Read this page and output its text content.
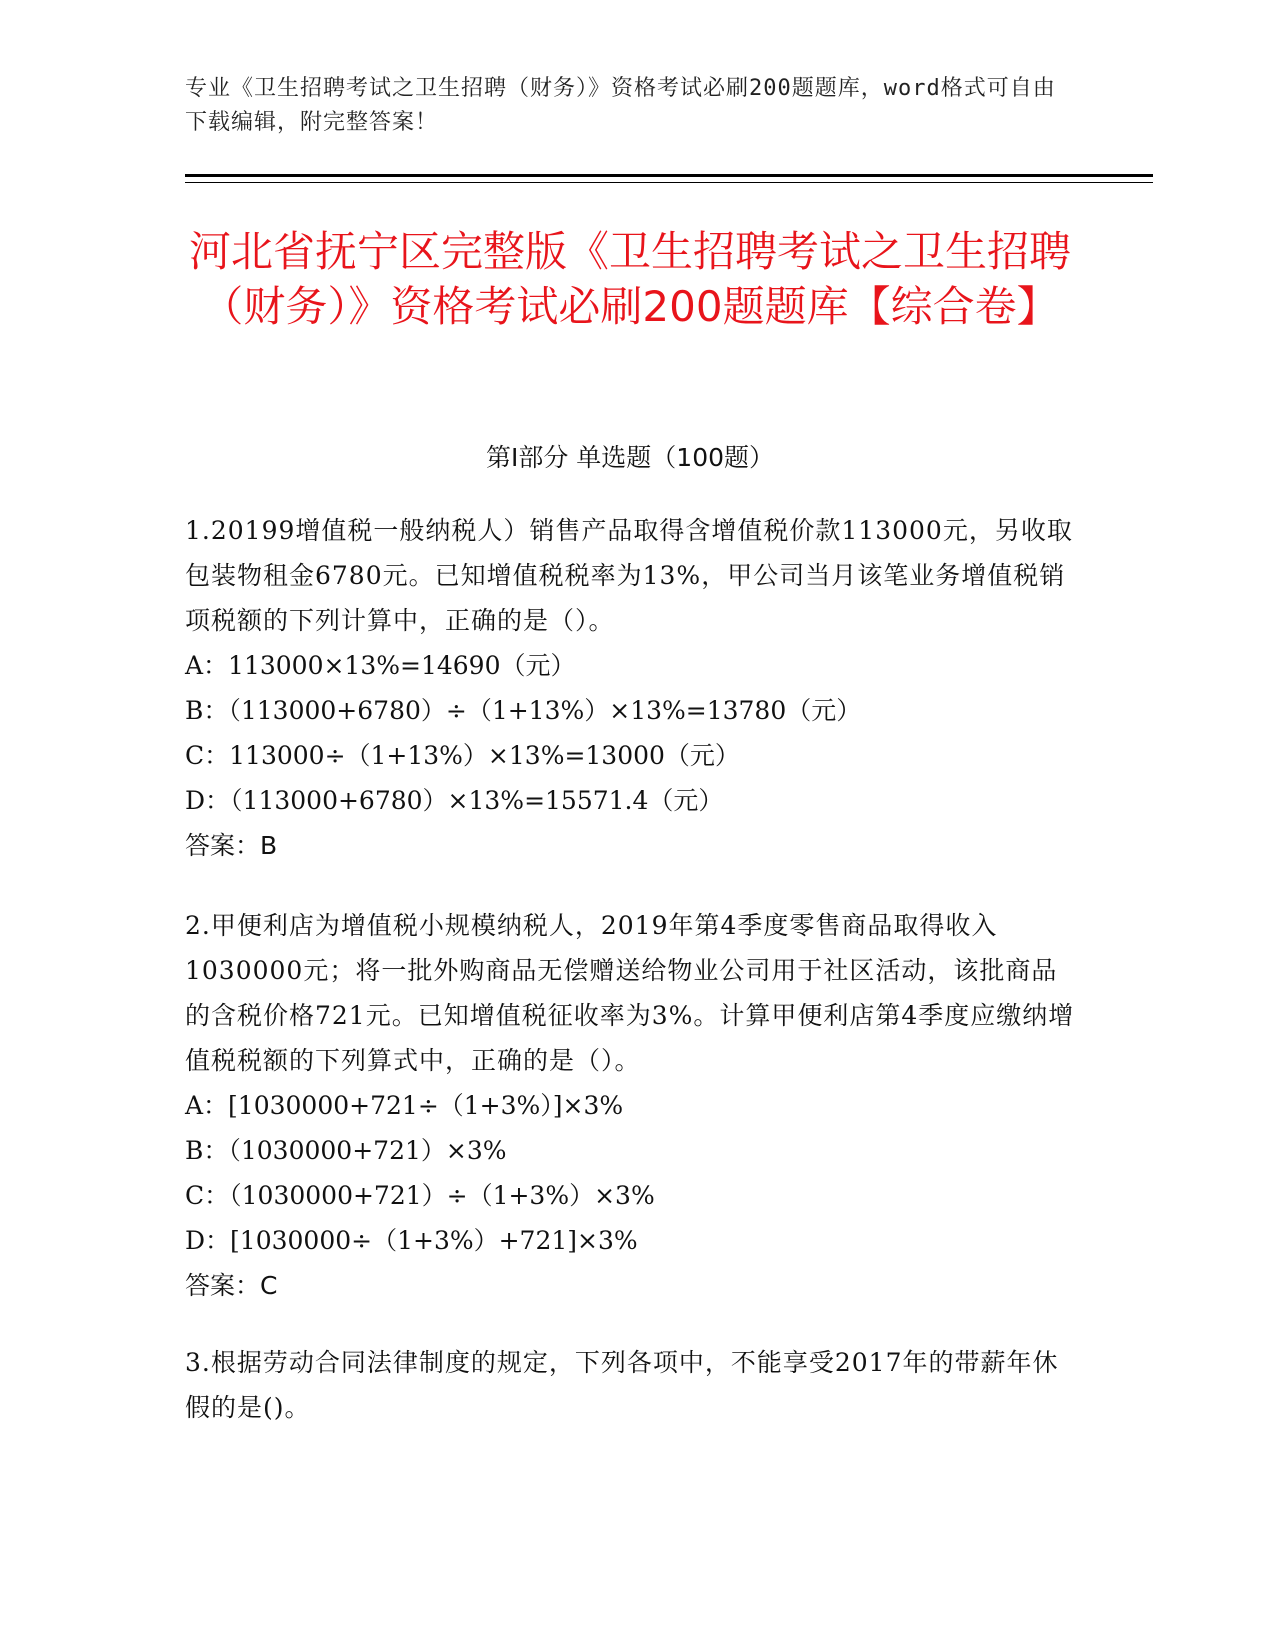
专业《卫生招聘考试之卫生招聘（财务）》资格考试必刷200题题库，word格式可自由下载编辑，附完整答案！
河北省抚宁区完整版《卫生招聘考试之卫生招聘（财务）》资格考试必刷200题题库【综合卷】
第Ⅰ部分 单选题（100题）
1.20199增值税一般纳税人）销售产品取得含增值税价款113000元，另收取包装物租金6780元。已知增值税税率为13%，甲公司当月该笔业务增值税销项税额的下列计算中，正确的是（）。
A：113000×13%=14690（元）
B：（113000+6780）÷（1+13%）×13%=13780（元）
C：113000÷（1+13%）×13%=13000（元）
D：（113000+6780）×13%=15571.4（元）
答案：B
2.甲便利店为增值税小规模纳税人，2019年第4季度零售商品取得收入1030000元；将一批外购商品无偿赠送给物业公司用于社区活动，该批商品的含税价格721元。已知增值税征收率为3%。计算甲便利店第4季度应缴纳增值税税额的下列算式中，正确的是（）。
A：[1030000+721÷（1+3%）]×3%
B：（1030000+721）×3%
C：（1030000+721）÷（1+3%）×3%
D：[1030000÷（1+3%）+721]×3%
答案：C
3.根据劳动合同法律制度的规定，下列各项中，不能享受2017年的带薪年休假的是()。
